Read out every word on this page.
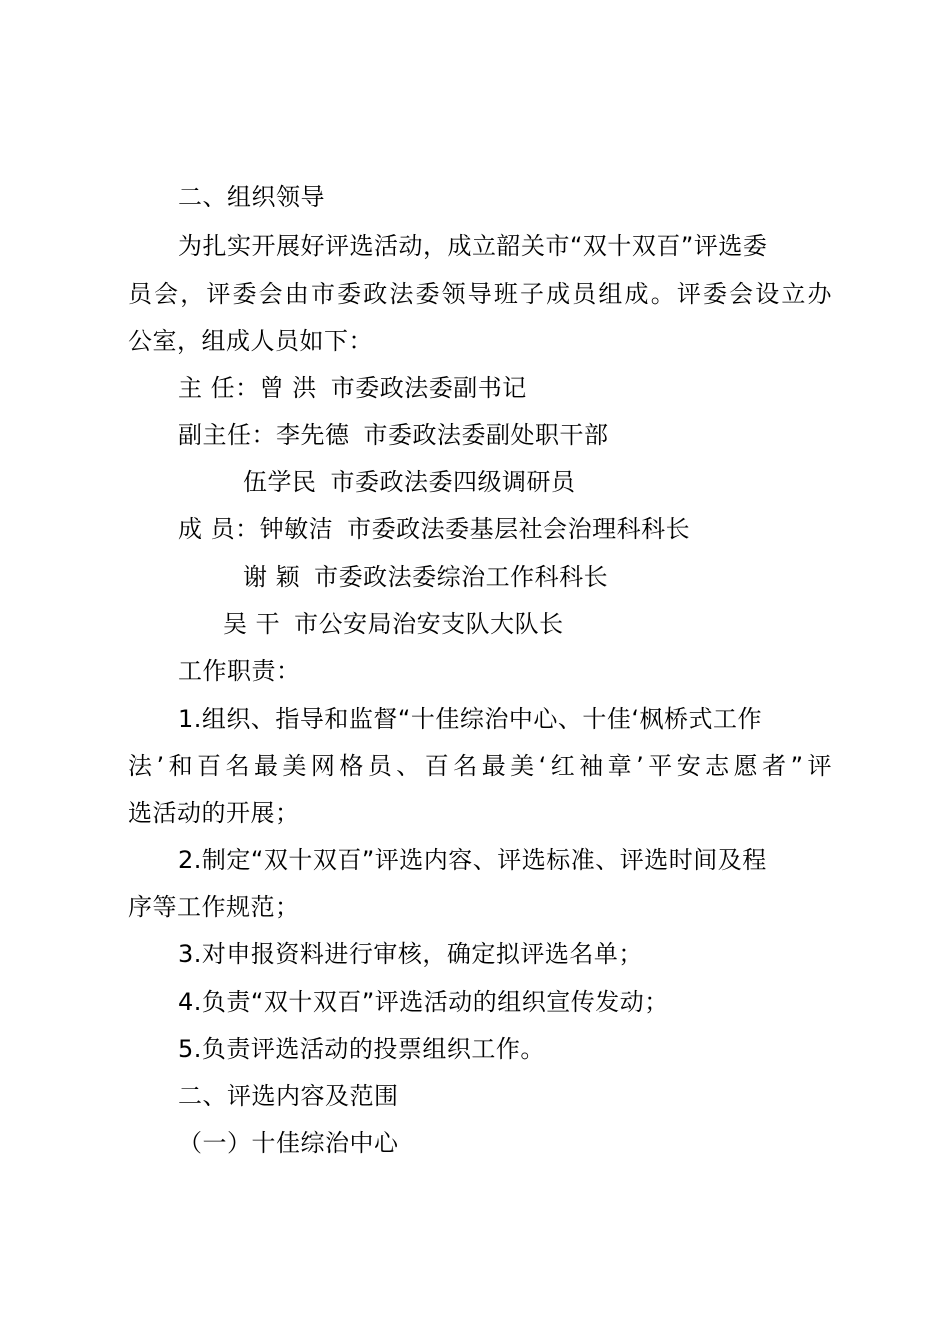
二、组织领导
为扎实开展好评选活动，成立韶关市“双十双百”评选委
员会，评委会由市委政法委领导班子成员组成。评委会设立办
公室，组成人员如下：
主 任：曾 洪 市委政法委副书记
副主任：李先德 市委政法委副处职干部
伍学民 市委政法委四级调研员
成 员：钟敏洁 市委政法委基层社会治理科科长
谢 颖 市委政法委综治工作科科长
吴 干 市公安局治安支队大队长
工作职责：
1.组织、指导和监督“十佳综治中心、十佳‘枫桥式工作
法’和百名最美网格员、百名最美‘红袖章’平安志愿者”评
选活动的开展；
2.制定“双十双百”评选内容、评选标准、评选时间及程
序等工作规范；
3.对申报资料进行审核，确定拟评选名单；
4.负责“双十双百”评选活动的组织宣传发动；
5.负责评选活动的投票组织工作。
二、评选内容及范围
（一）十佳综治中心
